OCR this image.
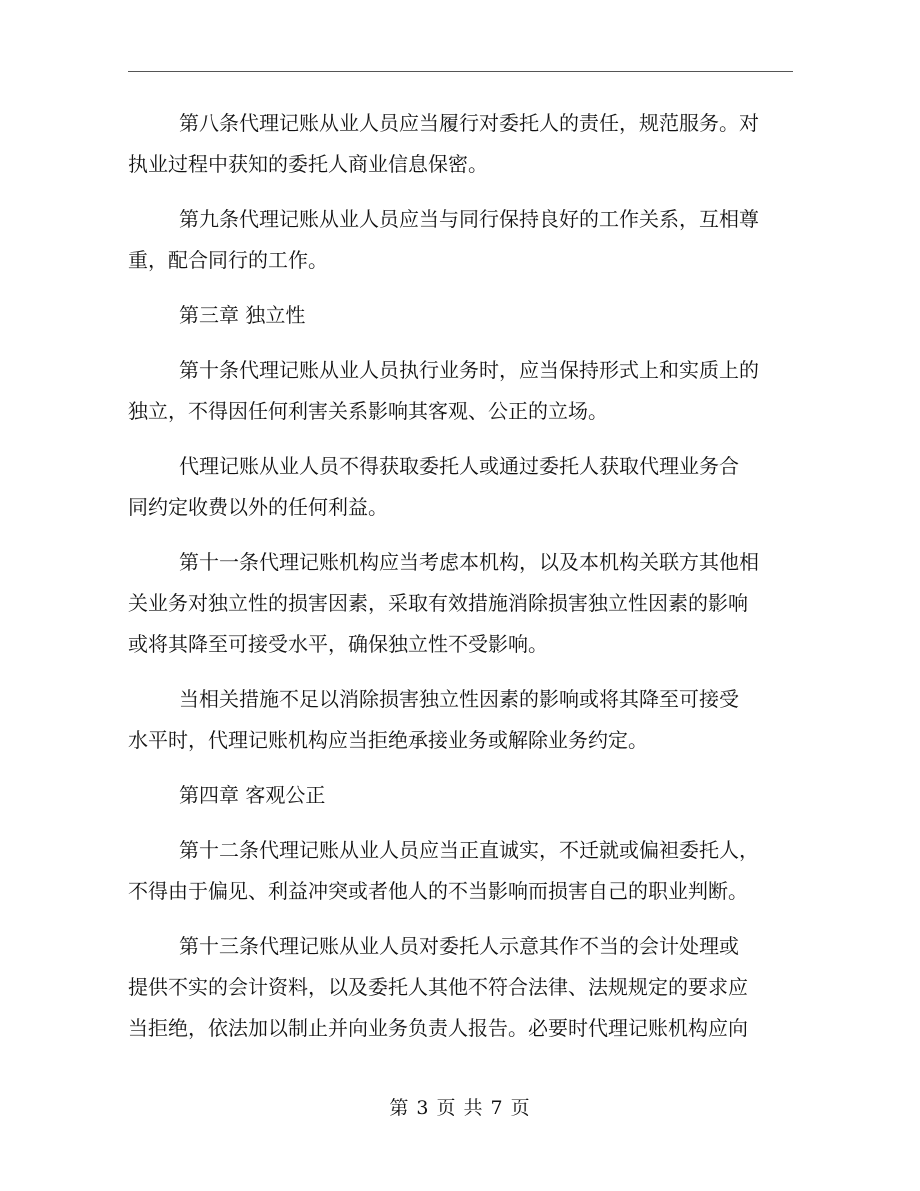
第八条代理记账从业人员应当履行对委托人的责任，规范服务。对
执业过程中获知的委托人商业信息保密。

第九条代理记账从业人员应当与同行保持良好的工作关系，互相尊
重，配合同行的工作。

第三章 独立性

第十条代理记账从业人员执行业务时，应当保持形式上和实质上的
独立，不得因任何利害关系影响其客观、公正的立场。

代理记账从业人员不得获取委托人或通过委托人获取代理业务合
同约定收费以外的任何利益。

第十一条代理记账机构应当考虑本机构，以及本机构关联方其他相
关业务对独立性的损害因素，采取有效措施消除损害独立性因素的影响
或将其降至可接受水平，确保独立性不受影响。

当相关措施不足以消除损害独立性因素的影响或将其降至可接受
水平时，代理记账机构应当拒绝承接业务或解除业务约定。

第四章 客观公正

第十二条代理记账从业人员应当正直诚实，不迁就或偏袒委托人，
不得由于偏见、利益冲突或者他人的不当影响而损害自己的职业判断。

第十三条代理记账从业人员对委托人示意其作不当的会计处理或
提供不实的会计资料，以及委托人其他不符合法律、法规规定的要求应
当拒绝，依法加以制止并向业务负责人报告。必要时代理记账机构应向

第 3 页 共 7 页
